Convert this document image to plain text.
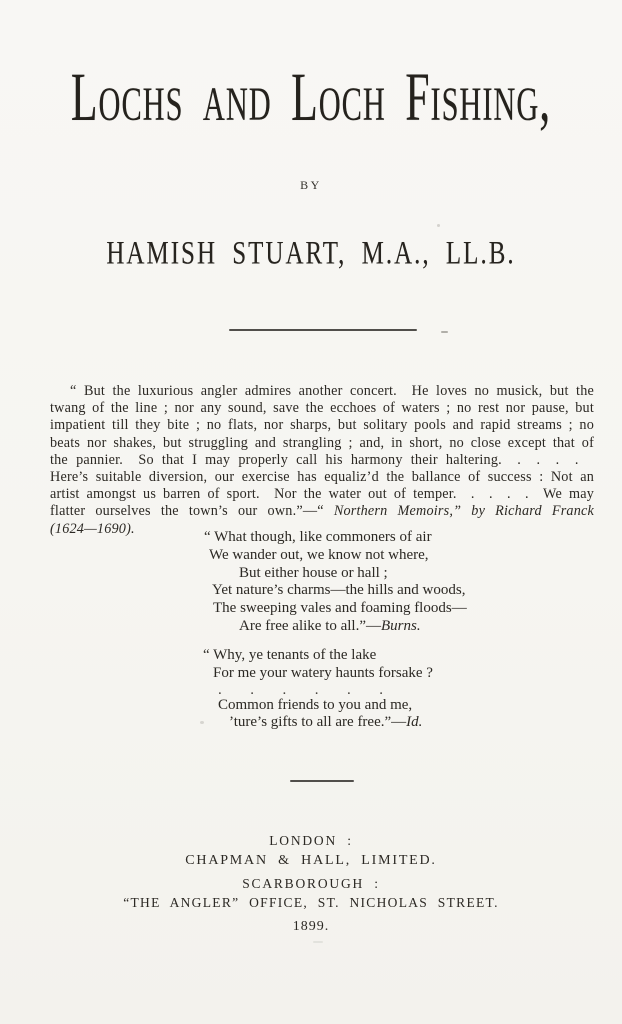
Lochs and Loch Fishing,
BY
HAMISH STUART, M.A., LL.B.

“ But the luxurious angler admires another concert.  He loves no musick, but the twang of the line ; nor any sound, save the ecchoes of waters ; no rest nor pause, but impatient till they bite ; no flats, nor sharps, but solitary pools and rapid streams ; no beats nor shakes, but struggling and strangling ; and, in short, no close except that of the pannier.  So that I may properly call his harmony their haltering.  .  .  .  .  Here’s suitable diversion, our exercise has equaliz’d the ballance of success : Not an artist amongst us barren of sport.  Nor the water out of temper.  .  .  .  .  We may flatter ourselves the town’s our own.”—“ Northern Memoirs,” by Richard Franck (1624—1690).

“ What though, like commoners of air
We wander out, we know not where,
But either house or hall ;
Yet nature’s charms—the hills and woods,
The sweeping vales and foaming floods—
Are free alike to all.”—Burns.
“ Why, ye tenants of the lake
For me your watery haunts forsake ?
.  .  .  .  .  .
Common friends to you and me,
’ture’s gifts to all are free.”—Id.
LONDON :
CHAPMAN & HALL, LIMITED.
SCARBOROUGH :
“THE ANGLER” OFFICE, ST. NICHOLAS STREET.
1899.
